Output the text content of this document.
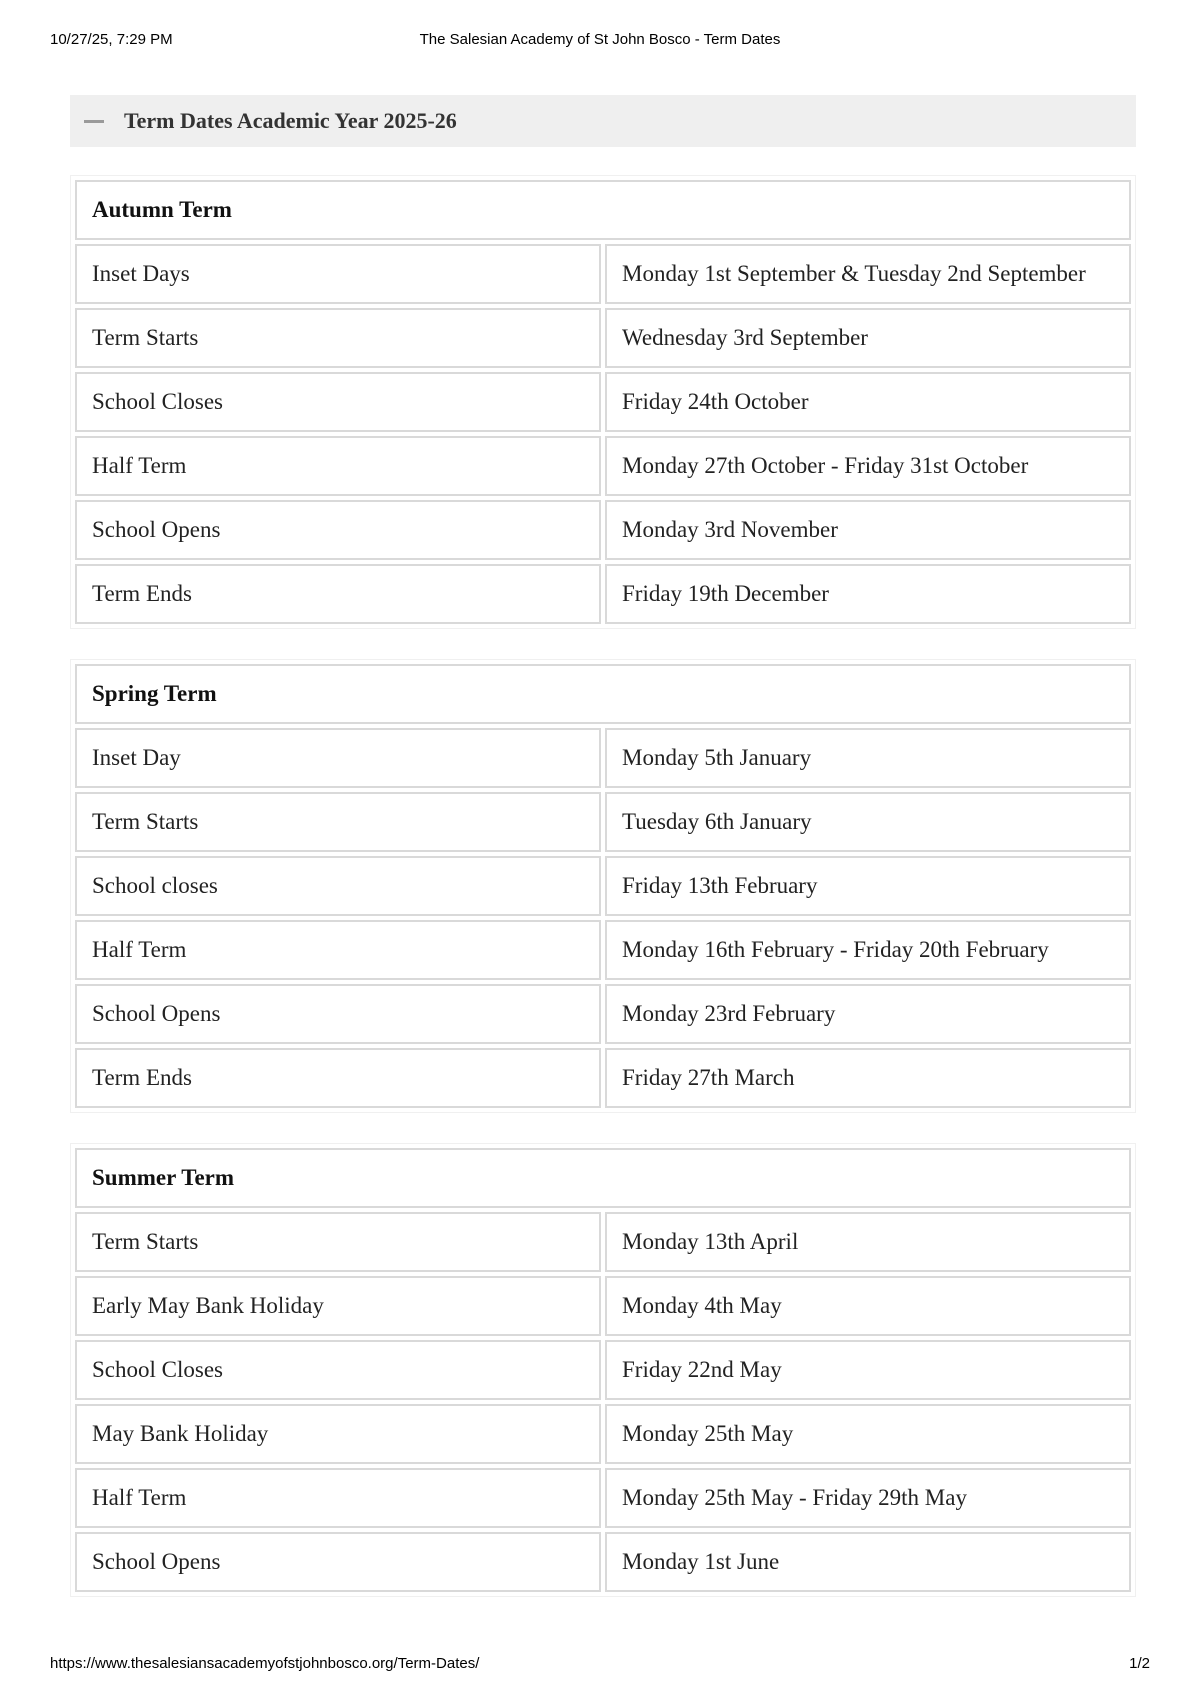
10/27/25, 7:29 PM	The Salesian Academy of St John Bosco - Term Dates
Term Dates Academic Year 2025-26
Autumn Term	
Inset Days	Monday 1st September & Tuesday 2nd September
Term Starts	Wednesday 3rd September
School Closes	Friday 24th October
Half Term	Monday 27th October - Friday 31st October
School Opens	Monday 3rd November
Term Ends	Friday 19th December
Spring Term	
Inset Day	Monday 5th January
Term Starts	Tuesday 6th January
School closes	Friday 13th February
Half Term	Monday 16th February - Friday 20th February
School Opens	Monday 23rd February
Term Ends	Friday 27th March
Summer Term	
Term Starts	Monday 13th April
Early May Bank Holiday	Monday 4th May
School Closes	Friday 22nd May
May Bank Holiday	Monday 25th May
Half Term	Monday 25th May - Friday 29th May
School Opens	Monday 1st June
https://www.thesalesiansacademyofstjohnbosco.org/Term-Dates/	1/2
